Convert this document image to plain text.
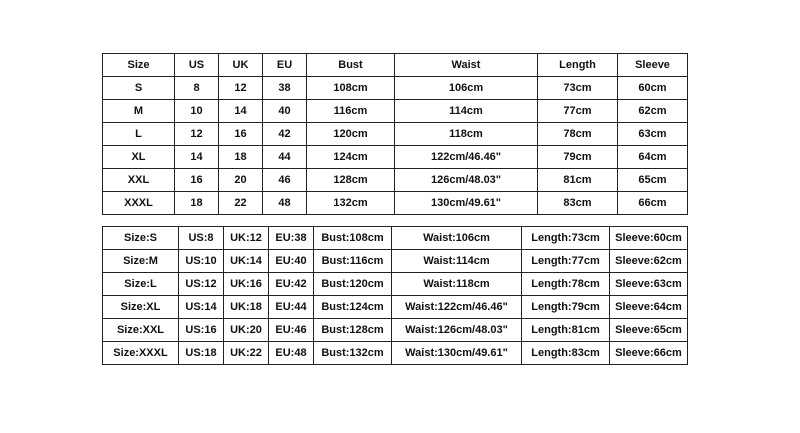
Size	US	UK	EU	Bust	Waist	Length	Sleeve
S	8	12	38	108cm	106cm	73cm	60cm
M	10	14	40	116cm	114cm	77cm	62cm
L	12	16	42	120cm	118cm	78cm	63cm
XL	14	18	44	124cm	122cm/46.46"	79cm	64cm
XXL	16	20	46	128cm	126cm/48.03"	81cm	65cm
XXXL	18	22	48	132cm	130cm/49.61"	83cm	66cm
Size:S	US:8	UK:12	EU:38	Bust:108cm	Waist:106cm	Length:73cm	Sleeve:60cm
Size:M	US:10	UK:14	EU:40	Bust:116cm	Waist:114cm	Length:77cm	Sleeve:62cm
Size:L	US:12	UK:16	EU:42	Bust:120cm	Waist:118cm	Length:78cm	Sleeve:63cm
Size:XL	US:14	UK:18	EU:44	Bust:124cm	Waist:122cm/46.46"	Length:79cm	Sleeve:64cm
Size:XXL	US:16	UK:20	EU:46	Bust:128cm	Waist:126cm/48.03"	Length:81cm	Sleeve:65cm
Size:XXXL	US:18	UK:22	EU:48	Bust:132cm	Waist:130cm/49.61"	Length:83cm	Sleeve:66cm
